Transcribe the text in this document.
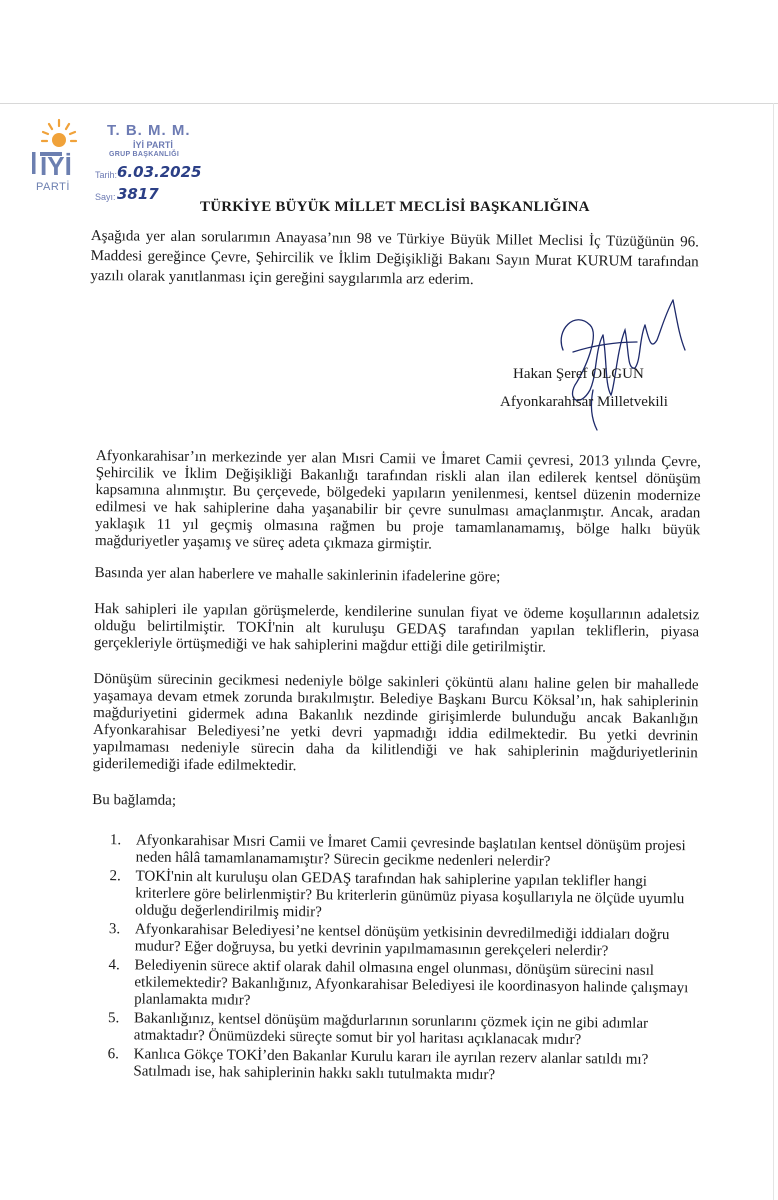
İYİ
PARTİ
T. B. M. M.
İYİ PARTİ
GRUP BAŞKANLIĞI
Tarih: 6.03.2025
Sayı: 3817
TÜRKİYE BÜYÜK MİLLET MECLİSİ BAŞKANLIĞINA
Aşağıda yer alan sorularımın Anayasa’nın 98 ve Türkiye Büyük Millet Meclisi İç Tüzüğünün 96. Maddesi gereğince Çevre, Şehircilik ve İklim Değişikliği Bakanı Sayın Murat KURUM tarafından yazılı olarak yanıtlanması için gereğini saygılarımla arz ederim.
Hakan Şeref OLGUN
Afyonkarahisar Milletvekili

Afyonkarahisar’ın merkezinde yer alan Mısri Camii ve İmaret Camii çevresi, 2013 yılında Çevre, Şehircilik ve İklim Değişikliği Bakanlığı tarafından riskli alan ilan edilerek kentsel dönüşüm kapsamına alınmıştır. Bu çerçevede, bölgedeki yapıların yenilenmesi, kentsel düzenin modernize edilmesi ve hak sahiplerine daha yaşanabilir bir çevre sunulması amaçlanmıştır. Ancak, aradan yaklaşık 11 yıl geçmiş olmasına rağmen bu proje tamamlanamamış, bölge halkı büyük mağduriyetler yaşamış ve süreç adeta çıkmaza girmiştir.

Basında yer alan haberlere ve mahalle sakinlerinin ifadelerine göre;

Hak sahipleri ile yapılan görüşmelerde, kendilerine sunulan fiyat ve ödeme koşullarının adaletsiz olduğu belirtilmiştir. TOKİ'nin alt kuruluşu GEDAŞ tarafından yapılan tekliflerin, piyasa gerçekleriyle örtüşmediği ve hak sahiplerini mağdur ettiği dile getirilmiştir.

Dönüşüm sürecinin gecikmesi nedeniyle bölge sakinleri çöküntü alanı haline gelen bir mahallede yaşamaya devam etmek zorunda bırakılmıştır. Belediye Başkanı Burcu Köksal’ın, hak sahiplerinin mağduriyetini gidermek adına Bakanlık nezdinde girişimlerde bulunduğu ancak Bakanlığın Afyonkarahisar Belediyesi’ne yetki devri yapmadığı iddia edilmektedir. Bu yetki devrinin yapılmaması nedeniyle sürecin daha da kilitlendiği ve hak sahiplerinin mağduriyetlerinin giderilemediği ifade edilmektedir.

Bu bağlamda;

1. Afyonkarahisar Mısri Camii ve İmaret Camii çevresinde başlatılan kentsel dönüşüm projesi neden hâlâ tamamlanamamıştır? Sürecin gecikme nedenleri nelerdir?
2. TOKİ'nin alt kuruluşu olan GEDAŞ tarafından hak sahiplerine yapılan teklifler hangi kriterlere göre belirlenmiştir? Bu kriterlerin günümüz piyasa koşullarıyla ne ölçüde uyumlu olduğu değerlendirilmiş midir?
3. Afyonkarahisar Belediyesi’ne kentsel dönüşüm yetkisinin devredilmediği iddiaları doğru mudur? Eğer doğruysa, bu yetki devrinin yapılmamasının gerekçeleri nelerdir?
4. Belediyenin sürece aktif olarak dahil olmasına engel olunması, dönüşüm sürecini nasıl etkilemektedir? Bakanlığınız, Afyonkarahisar Belediyesi ile koordinasyon halinde çalışmayı planlamakta mıdır?
5. Bakanlığınız, kentsel dönüşüm mağdurlarının sorunlarını çözmek için ne gibi adımlar atmaktadır? Önümüzdeki süreçte somut bir yol haritası açıklanacak mıdır?
6. Kanlıca Gökçe TOKİ’den Bakanlar Kurulu kararı ile ayrılan rezerv alanlar satıldı mı? Satılmadı ise, hak sahiplerinin hakkı saklı tutulmakta mıdır?
